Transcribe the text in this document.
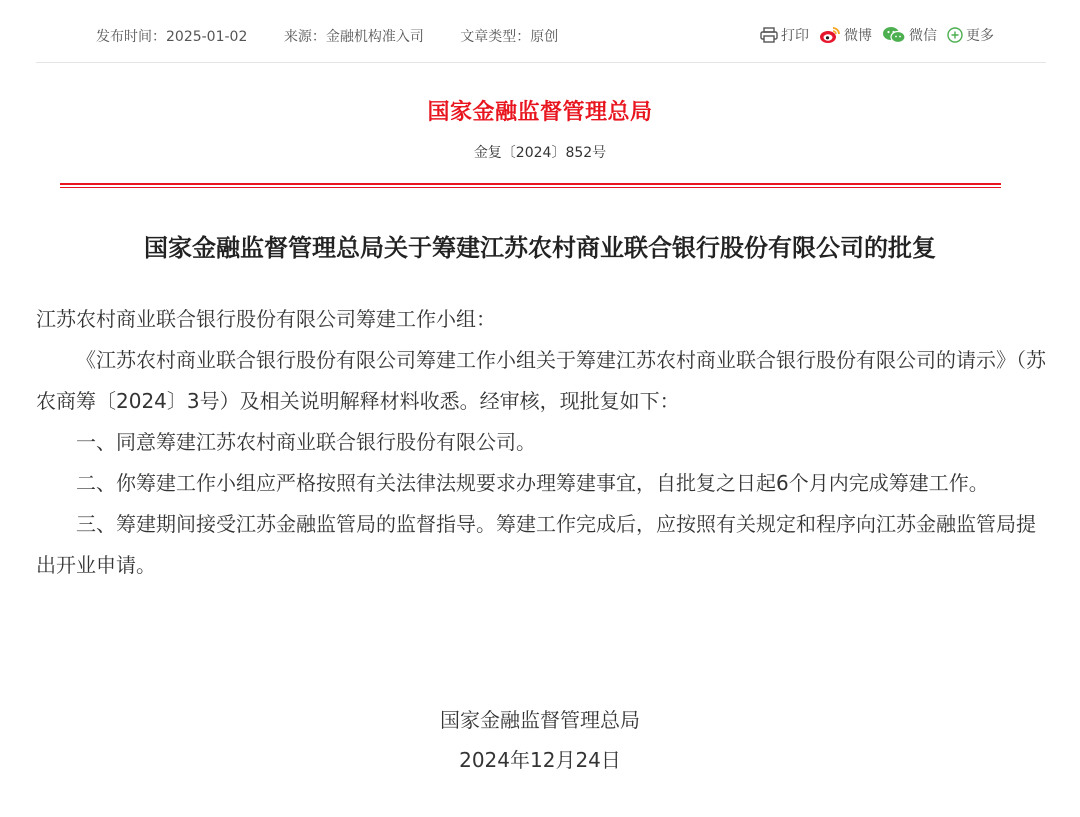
发布时间：2025-01-02	来源：金融机构准入司	文章类型：原创	打印	微博	微信 更多
国家金融监督管理总局
金复〔2024〕852号
国家金融监督管理总局关于筹建江苏农村商业联合银行股份有限公司的批复

江苏农村商业联合银行股份有限公司筹建工作小组：

《江苏农村商业联合银行股份有限公司筹建工作小组关于筹建江苏农村商业联合银行股份有限公司的请示》（苏农商筹〔2024〕3号）及相关说明解释材料收悉。经审核，现批复如下：

一、同意筹建江苏农村商业联合银行股份有限公司。

二、你筹建工作小组应严格按照有关法律法规要求办理筹建事宜，自批复之日起6个月内完成筹建工作。

三、筹建期间接受江苏金融监管局的监督指导。筹建工作完成后，应按照有关规定和程序向江苏金融监管局提出开业申请。

国家金融监督管理总局
2024年12月24日
